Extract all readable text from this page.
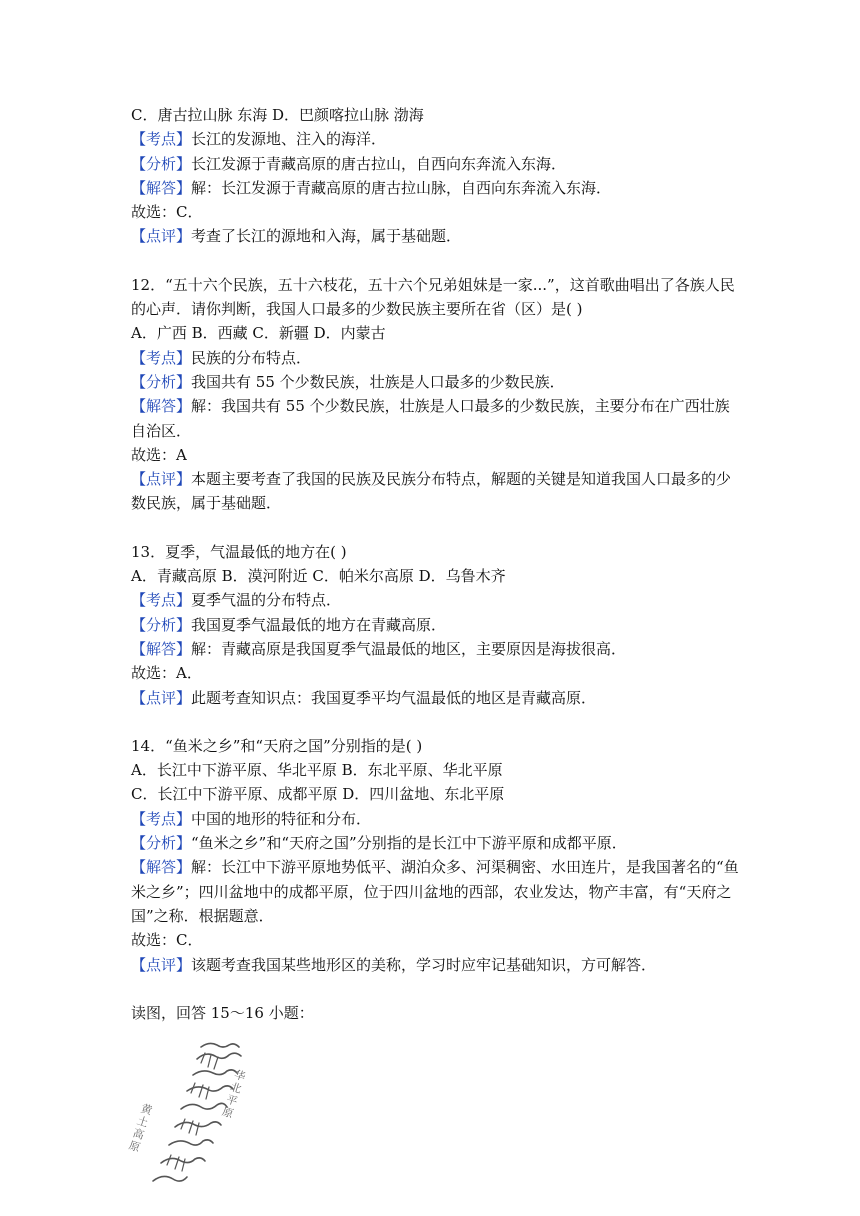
C．唐古拉山脉 东海 D．巴颜喀拉山脉 渤海
【考点】长江的发源地、注入的海洋．
【分析】长江发源于青藏高原的唐古拉山，自西向东奔流入东海．
【解答】解：长江发源于青藏高原的唐古拉山脉，自西向东奔流入东海．
故选：C．
【点评】考查了长江的源地和入海，属于基础题．
12．“五十六个民族，五十六枝花，五十六个兄弟姐妹是一家...”，这首歌曲唱出了各族人民
的心声．请你判断，我国人口最多的少数民族主要所在省（区）是( )
A．广西 B．西藏 C．新疆 D．内蒙古
【考点】民族的分布特点．
【分析】我国共有 55 个少数民族，壮族是人口最多的少数民族．
【解答】解：我国共有 55 个少数民族，壮族是人口最多的少数民族，主要分布在广西壮族
自治区．
故选：A
【点评】本题主要考查了我国的民族及民族分布特点，解题的关键是知道我国人口最多的少
数民族，属于基础题．
13．夏季，气温最低的地方在( )
A．青藏高原 B．漠河附近 C．帕米尔高原 D．乌鲁木齐
【考点】夏季气温的分布特点．
【分析】我国夏季气温最低的地方在青藏高原．
【解答】解：青藏高原是我国夏季气温最低的地区，主要原因是海拔很高．
故选：A．
【点评】此题考查知识点：我国夏季平均气温最低的地区是青藏高原．
14．“鱼米之乡”和“天府之国”分别指的是( )
A．长江中下游平原、华北平原 B．东北平原、华北平原
C．长江中下游平原、成都平原 D．四川盆地、东北平原
【考点】中国的地形的特征和分布．
【分析】“鱼米之乡”和“天府之国”分别指的是长江中下游平原和成都平原．
【解答】解：长江中下游平原地势低平、湖泊众多、河渠稠密、水田连片，是我国著名的“鱼
米之乡”；四川盆地中的成都平原，位于四川盆地的西部，农业发达，物产丰富，有“天府之
国”之称．根据题意．
故选：C．
【点评】该题考查我国某些地形区的美称，学习时应牢记基础知识，方可解答．
读图，回答 15～16 小题：
黄土高原
华北平原
